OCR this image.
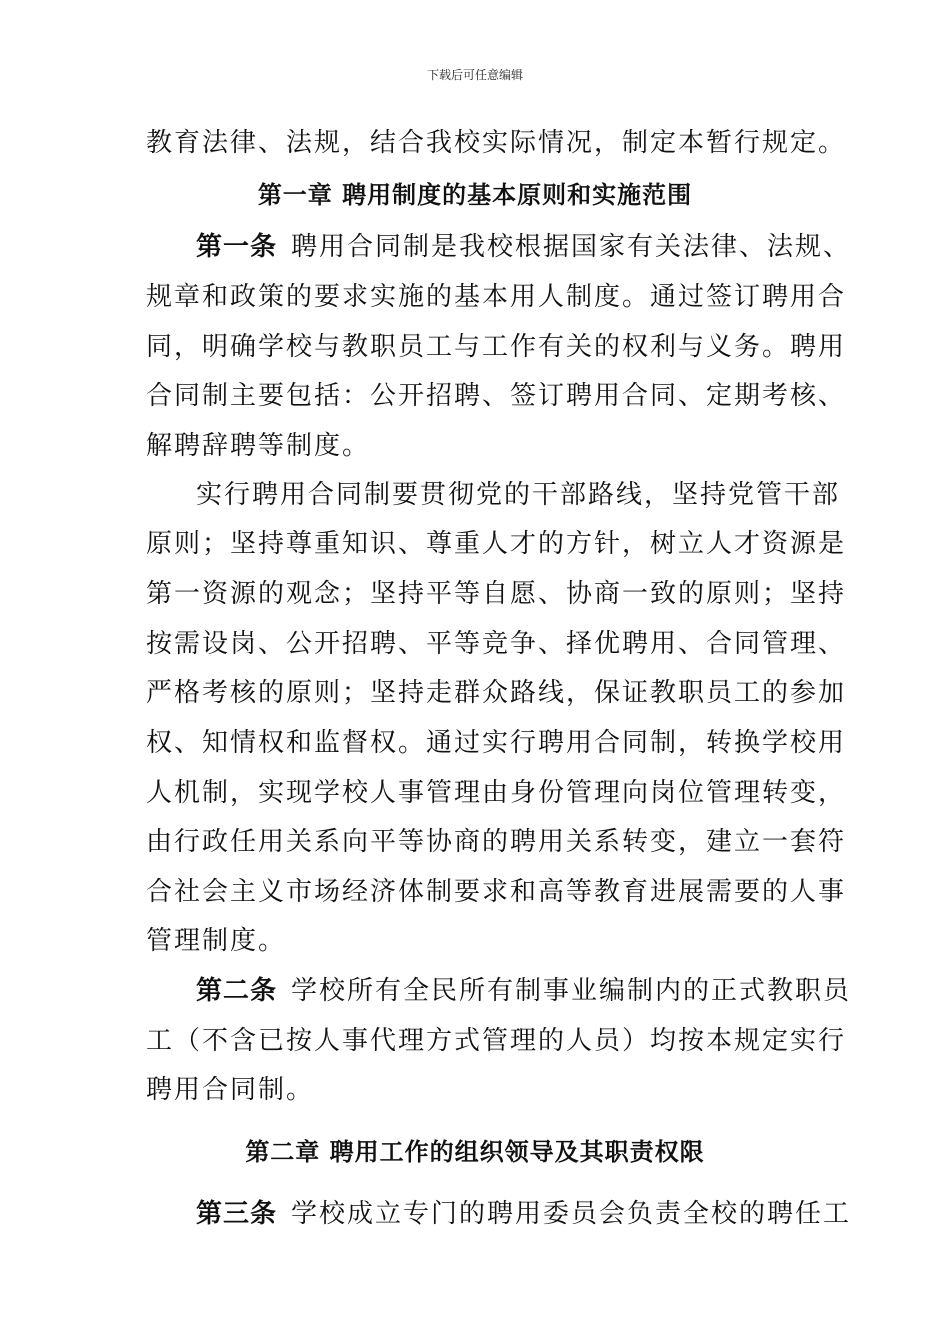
下载后可任意编辑
教育法律、法规，结合我校实际情况，制定本暂行规定。
第一章 聘用制度的基本原则和实施范围
第一条 聘用合同制是我校根据国家有关法律、法规、
规章和政策的要求实施的基本用人制度。通过签订聘用合
同，明确学校与教职员工与工作有关的权利与义务。聘用
合同制主要包括：公开招聘、签订聘用合同、定期考核、
解聘辞聘等制度。
实行聘用合同制要贯彻党的干部路线，坚持党管干部
原则；坚持尊重知识、尊重人才的方针，树立人才资源是
第一资源的观念；坚持平等自愿、协商一致的原则；坚持
按需设岗、公开招聘、平等竞争、择优聘用、合同管理、
严格考核的原则；坚持走群众路线，保证教职员工的参加
权、知情权和监督权。通过实行聘用合同制，转换学校用
人机制，实现学校人事管理由身份管理向岗位管理转变，
由行政任用关系向平等协商的聘用关系转变，建立一套符
合社会主义市场经济体制要求和高等教育进展需要的人事
管理制度。
第二条 学校所有全民所有制事业编制内的正式教职员
工（不含已按人事代理方式管理的人员）均按本规定实行
聘用合同制。
第二章 聘用工作的组织领导及其职责权限
第三条 学校成立专门的聘用委员会负责全校的聘任工
